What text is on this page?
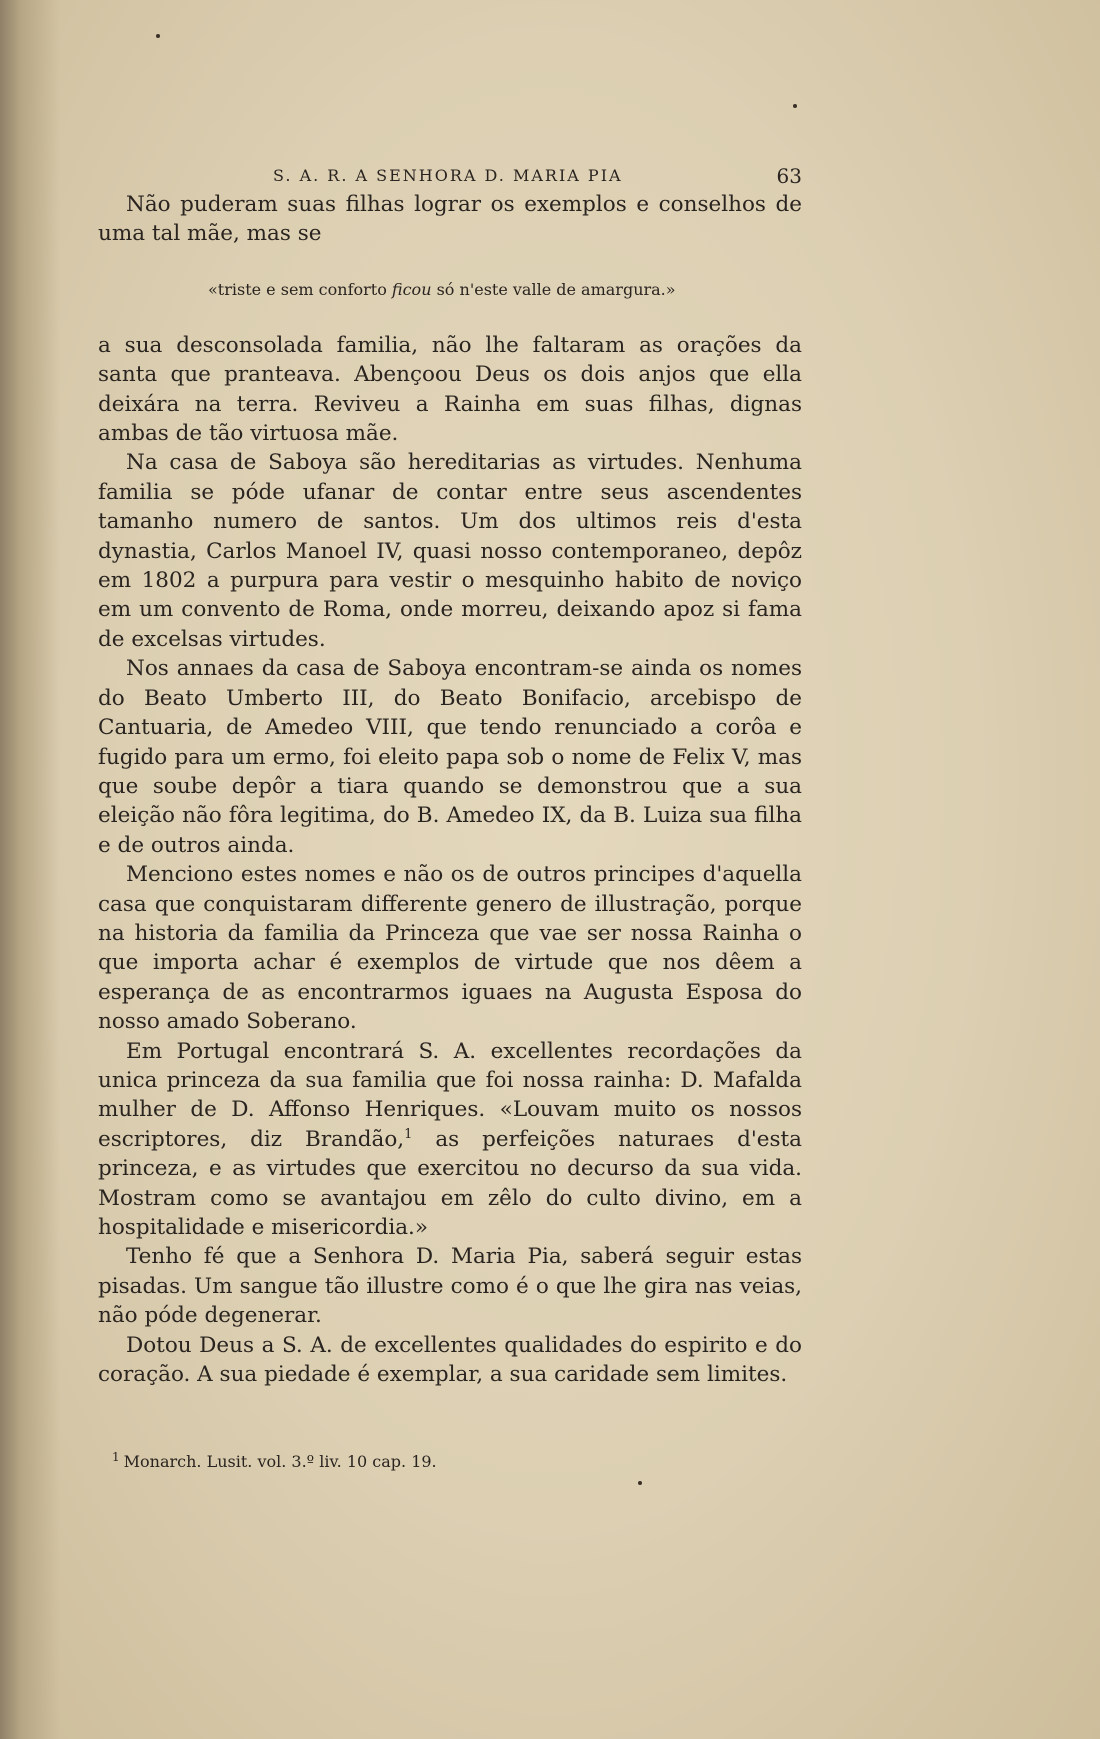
S. A. R. A SENHORA D. MARIA PIA	63

Não puderam suas filhas lograr os exemplos e conselhos de uma tal mãe, mas se

«triste e sem conforto ficou só n'este valle de amargura.»

a sua desconsolada familia, não lhe faltaram as orações da santa que pranteava. Abençoou Deus os dois anjos que ella deixára na terra. Reviveu a Rainha em suas filhas, dignas ambas de tão virtuosa mãe.

Na casa de Saboya são hereditarias as virtudes. Nenhuma familia se póde ufanar de contar entre seus ascendentes tamanho numero de santos. Um dos ultimos reis d'esta dynastia, Carlos Manoel IV, quasi nosso contemporaneo, depôz em 1802 a purpura para vestir o mesquinho habito de noviço em um convento de Roma, onde morreu, deixando apoz si fama de excelsas virtudes.

Nos annaes da casa de Saboya encontram-se ainda os nomes do Beato Umberto III, do Beato Bonifacio, arcebispo de Cantuaria, de Amedeo VIII, que tendo renunciado a corôa e fugido para um ermo, foi eleito papa sob o nome de Felix V, mas que soube depôr a tiara quando se demonstrou que a sua eleição não fôra legitima, do B. Amedeo IX, da B. Luiza sua filha e de outros ainda.

Menciono estes nomes e não os de outros principes d'aquella casa que conquistaram differente genero de illustração, porque na historia da familia da Princeza que vae ser nossa Rainha o que importa achar é exemplos de virtude que nos dêem a esperança de as encontrarmos iguaes na Augusta Esposa do nosso amado Soberano.

Em Portugal encontrará S. A. excellentes recordações da unica princeza da sua familia que foi nossa rainha: D. Mafalda mulher de D. Affonso Henriques. «Louvam muito os nossos escriptores, diz Brandão,$^1$ as perfeições naturaes d'esta princeza, e as virtudes que exercitou no decurso da sua vida. Mostram como se avantajou em zêlo do culto divino, em a hospitalidade e misericordia.»

Tenho fé que a Senhora D. Maria Pia, saberá seguir estas pisadas. Um sangue tão illustre como é o que lhe gira nas veias, não póde degenerar.

Dotou Deus a S. A. de excellentes qualidades do espirito e do coração. A sua piedade é exemplar, a sua caridade sem limites.

$^1$ Monarch. Lusit. vol. 3.º liv. 10 cap. 19.
